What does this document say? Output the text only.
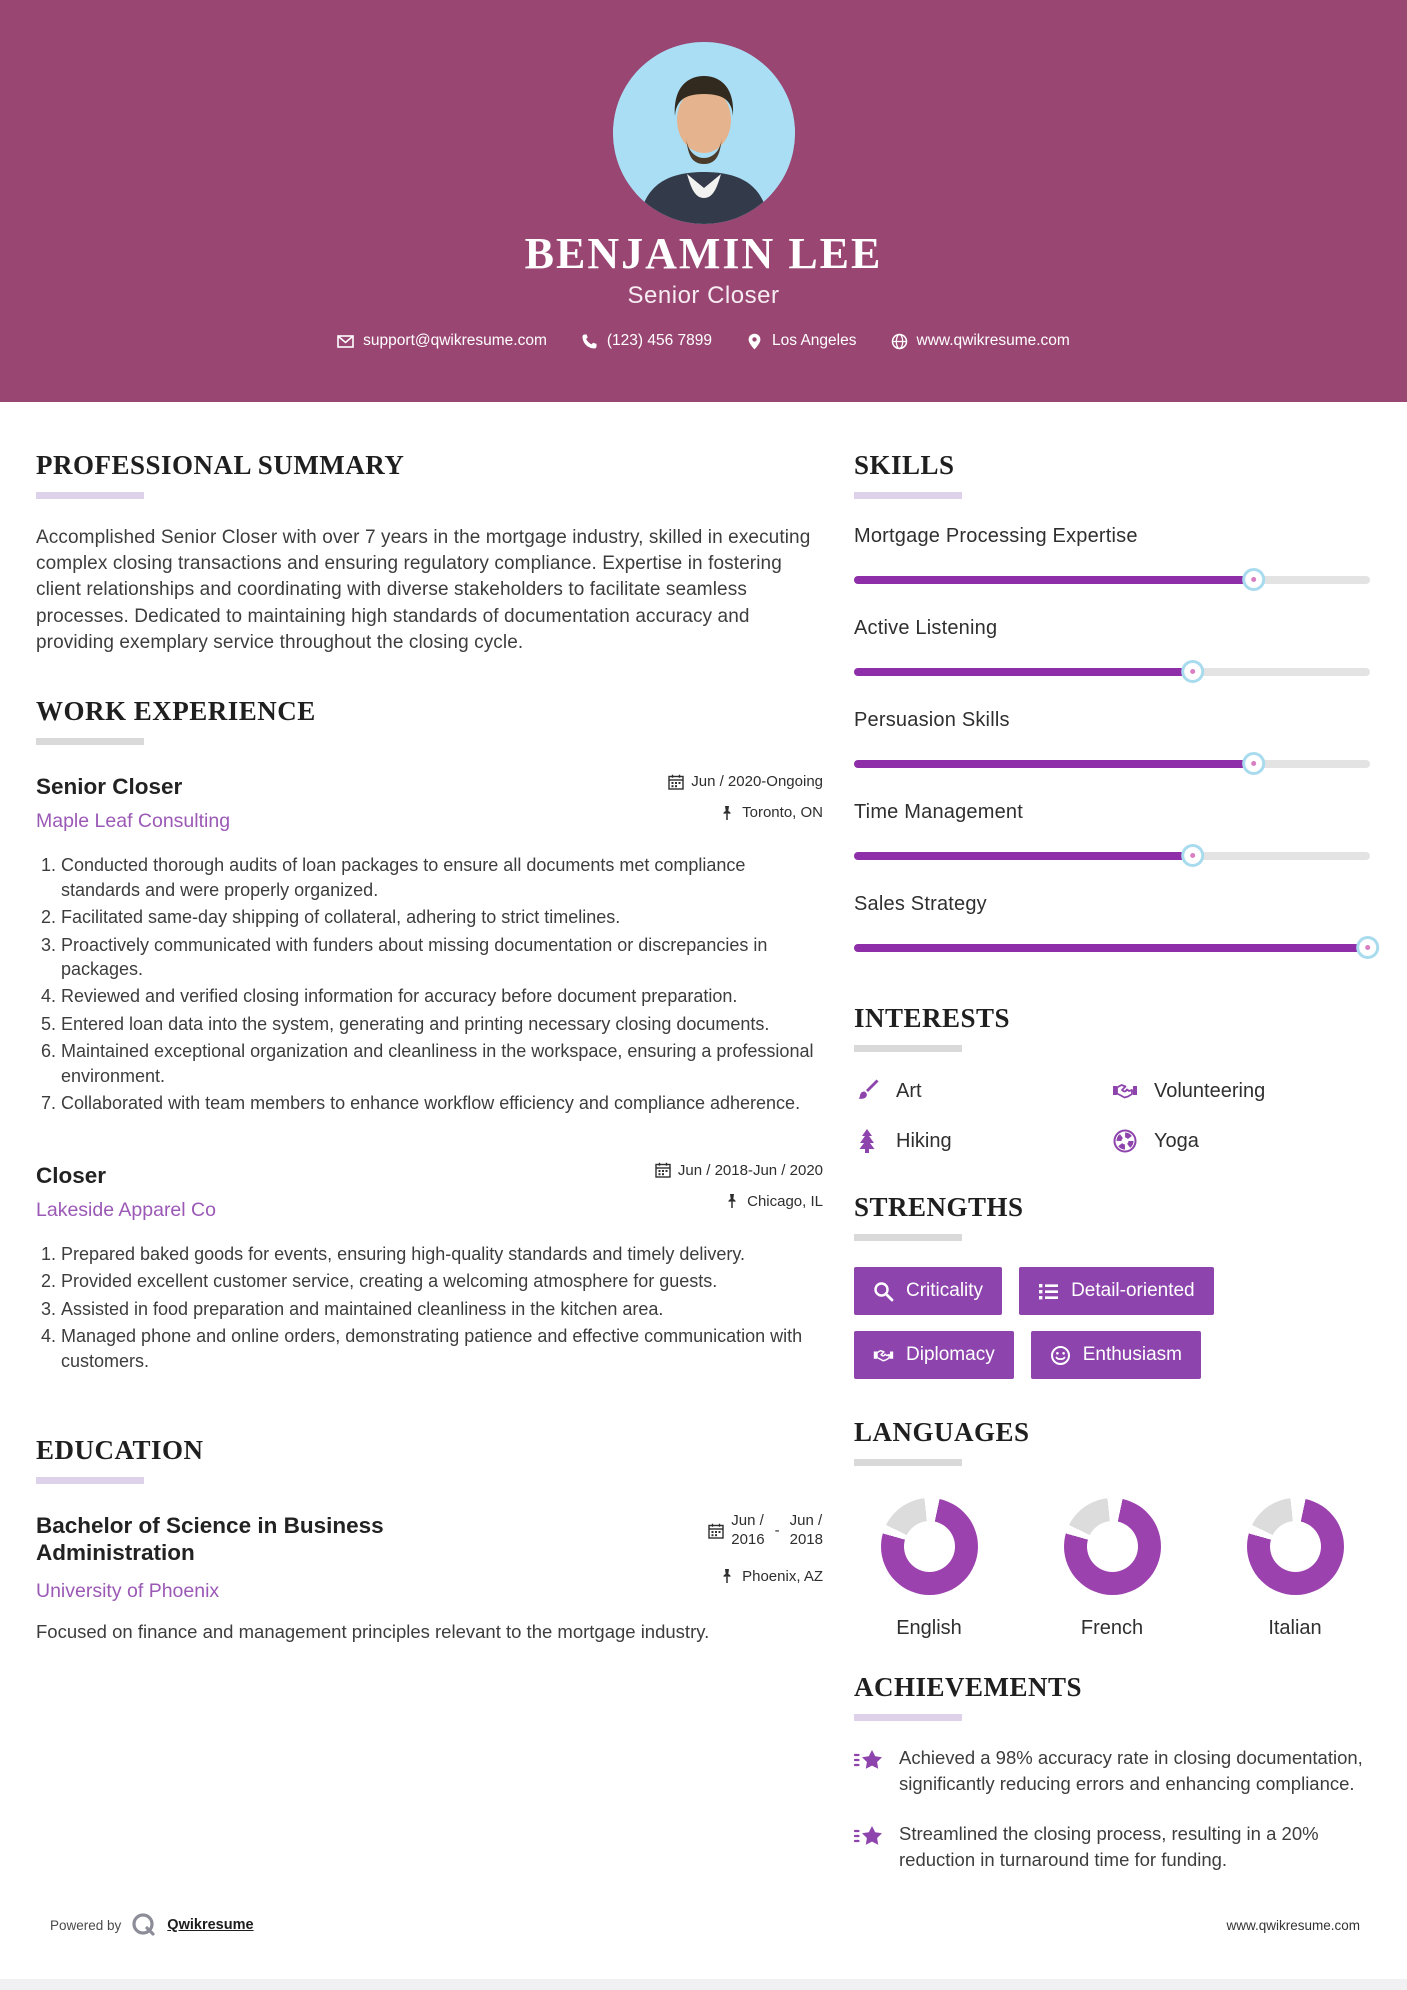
BENJAMIN LEE
Senior Closer
support@qwikresume.com	(123) 456 7899	Los Angeles	www.qwikresume.com
PROFESSIONAL SUMMARY
Accomplished Senior Closer with over 7 years in the mortgage industry, skilled in executing complex closing transactions and ensuring regulatory compliance. Expertise in fostering client relationships and coordinating with diverse stakeholders to facilitate seamless processes. Dedicated to maintaining high standards of documentation accuracy and providing exemplary service throughout the closing cycle.
WORK EXPERIENCE
Senior Closer
Maple Leaf Consulting
Jun / 2020-Ongoing
Toronto, ON
1. Conducted thorough audits of loan packages to ensure all documents met compliance standards and were properly organized.
2. Facilitated same-day shipping of collateral, adhering to strict timelines.
3. Proactively communicated with funders about missing documentation or discrepancies in packages.
4. Reviewed and verified closing information for accuracy before document preparation.
5. Entered loan data into the system, generating and printing necessary closing documents.
6. Maintained exceptional organization and cleanliness in the workspace, ensuring a professional environment.
7. Collaborated with team members to enhance workflow efficiency and compliance adherence.
Closer
Lakeside Apparel Co
Jun / 2018-Jun / 2020
Chicago, IL
1. Prepared baked goods for events, ensuring high-quality standards and timely delivery.
2. Provided excellent customer service, creating a welcoming atmosphere for guests.
3. Assisted in food preparation and maintained cleanliness in the kitchen area.
4. Managed phone and online orders, demonstrating patience and effective communication with customers.
EDUCATION
Bachelor of Science in Business Administration
University of Phoenix
Jun /
2016 -
Jun /
2018
Phoenix, AZ
Focused on finance and management principles relevant to the mortgage industry.
SKILLS
Mortgage Processing Expertise
Active Listening
Persuasion Skills
Time Management
Sales Strategy
INTERESTS
Art	Volunteering
Hiking	Yoga
STRENGTHS
Criticality	Detail-oriented
Diplomacy	Enthusiasm
LANGUAGES
English	French	Italian
ACHIEVEMENTS
Achieved a 98% accuracy rate in closing documentation, significantly reducing errors and enhancing compliance.
Streamlined the closing process, resulting in a 20% reduction in turnaround time for funding.
Powered by	Qwikresume	www.qwikresume.com
